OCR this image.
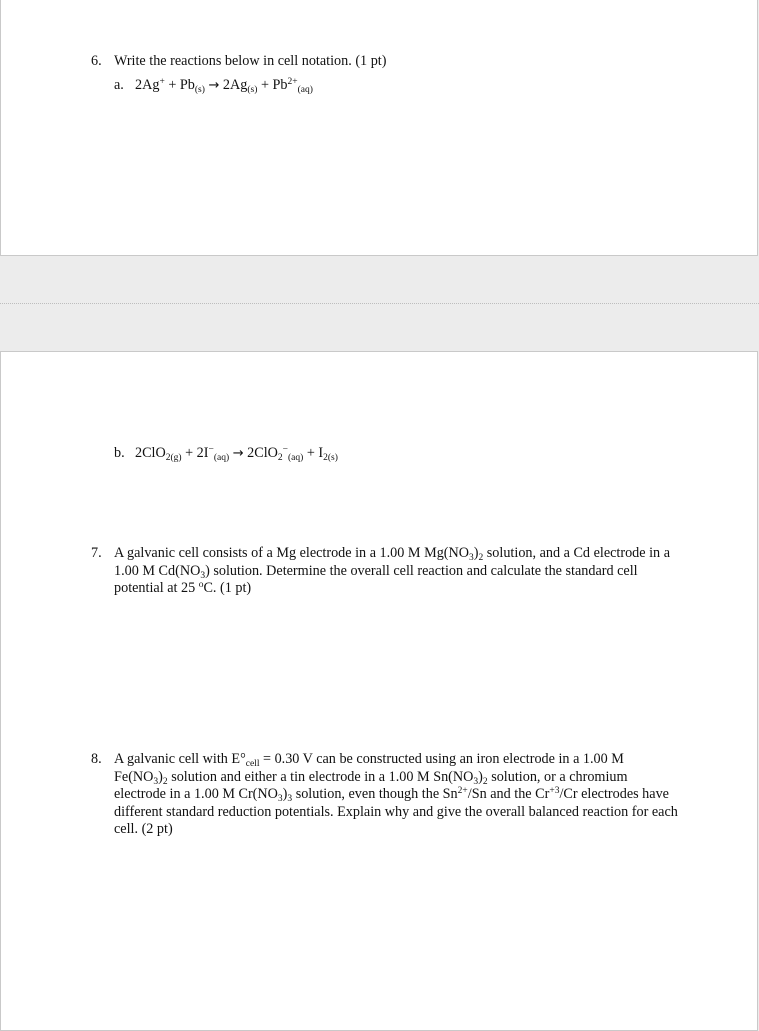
6. Write the reactions below in cell notation. (1 pt)
a. $2Ag^+ + Pb_{(s)} \to 2Ag_{(s)} + Pb^{2+}_{(aq)}$
b. $2ClO_{2(g)} + 2I^-_{(aq)} \to 2ClO_2^-_{(aq)} + I_{2(s)}$
7. A galvanic cell consists of a Mg electrode in a 1.00 M $Mg(NO_3)_2$ solution, and a Cd electrode in a 1.00 M $Cd(NO_3)$ solution. Determine the overall cell reaction and calculate the standard cell potential at 25 $^o$C. (1 pt)
8. A galvanic cell with $E^\circ_{cell} = 0.30$ V can be constructed using an iron electrode in a 1.00 M $Fe(NO_3)_2$ solution and either a tin electrode in a 1.00 M $Sn(NO_3)_2$ solution, or a chromium electrode in a 1.00 M $Cr(NO_3)_3$ solution, even though the $Sn^{2+}/Sn$ and the $Cr^{+3}/Cr$ electrodes have different standard reduction potentials. Explain why and give the overall balanced reaction for each cell. (2 pt)
